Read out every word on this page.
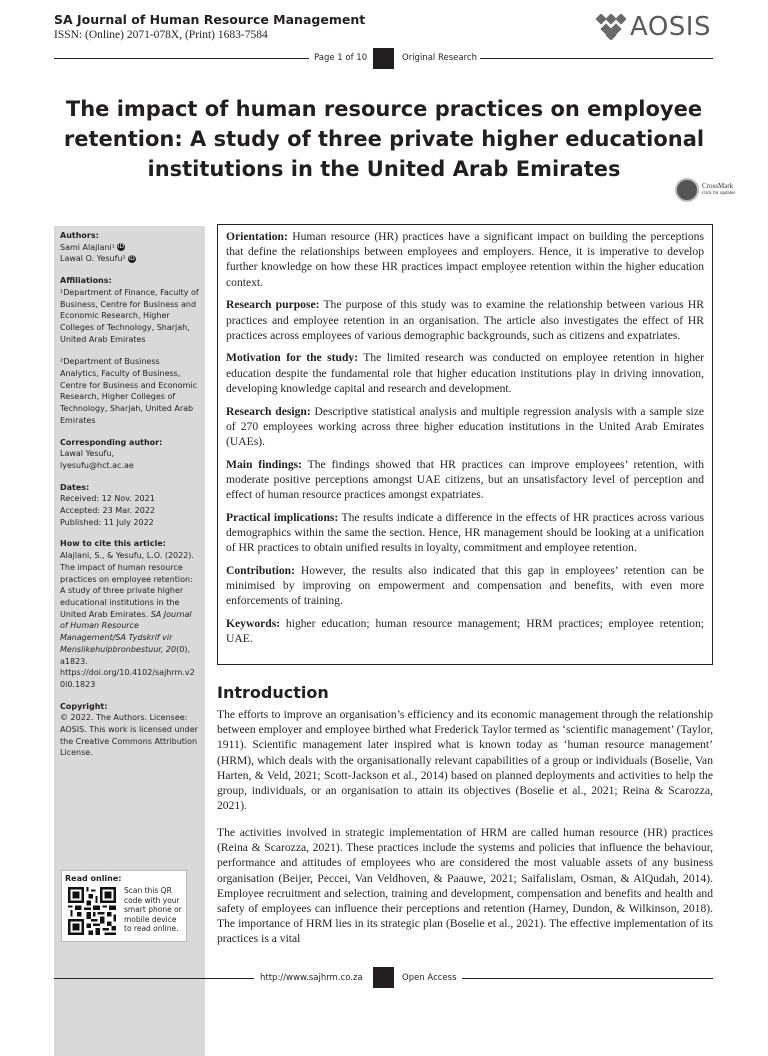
SA Journal of Human Resource Management
ISSN: (Online) 2071-078X, (Print) 1683-7584	AOSIS
Page 1 of 10	Original Research
The impact of human resource practices on employee retention: A study of three private higher educational institutions in the United Arab Emirates
CrossMark
click for updates
Authors:
Sami Alajlani¹ iD
Lawal O. Yesufu² iD
Affiliations:
¹Department of Finance, Faculty of Business, Centre for Business and Economic Research, Higher Colleges of Technology, Sharjah, United Arab Emirates
²Department of Business Analytics, Faculty of Business, Centre for Business and Economic Research, Higher Colleges of Technology, Sharjah, United Arab Emirates
Corresponding author:
Lawal Yesufu,
lyesufu@hct.ac.ae
Dates:
Received: 12 Nov. 2021
Accepted: 23 Mar. 2022
Published: 11 July 2022
How to cite this article:
Alajlani, S., & Yesufu, L.O. (2022). The impact of human resource practices on employee retention: A study of three private higher educational institutions in the United Arab Emirates. SA Journal of Human Resource Management/SA Tydskrif vir Menslikehulpbronbestuur, 20(0), a1823. https://doi.org/10.4102/sajhrm.v20i0.1823
Copyright:
© 2022. The Authors. Licensee: AOSIS. This work is licensed under the Creative Commons Attribution License.
Read online:
Scan this QR code with your smart phone or mobile device to read online.

Orientation: Human resource (HR) practices have a significant impact on building the perceptions that define the relationships between employees and employers. Hence, it is imperative to develop further knowledge on how these HR practices impact employee retention within the higher education context.

Research purpose: The purpose of this study was to examine the relationship between various HR practices and employee retention in an organisation. The article also investigates the effect of HR practices across employees of various demographic backgrounds, such as citizens and expatriates.

Motivation for the study: The limited research was conducted on employee retention in higher education despite the fundamental role that higher education institutions play in driving innovation, developing knowledge capital and research and development.

Research design: Descriptive statistical analysis and multiple regression analysis with a sample size of 270 employees working across three higher education institutions in the United Arab Emirates (UAEs).

Main findings: The findings showed that HR practices can improve employees’ retention, with moderate positive perceptions amongst UAE citizens, but an unsatisfactory level of perception and effect of human resource practices amongst expatriates.

Practical implications: The results indicate a difference in the effects of HR practices across various demographics within the same the section. Hence, HR management should be looking at a unification of HR practices to obtain unified results in loyalty, commitment and employee retention.

Contribution: However, the results also indicated that this gap in employees’ retention can be minimised by improving on empowerment and compensation and benefits, with even more enforcements of training.

Keywords: higher education; human resource management; HRM practices; employee retention; UAE.

Introduction

The efforts to improve an organisation’s efficiency and its economic management through the relationship between employer and employee birthed what Frederick Taylor termed as ‘scientific management’ (Taylor, 1911). Scientific management later inspired what is known today as ‘human resource management’ (HRM), which deals with the organisationally relevant capabilities of a group or individuals (Boselie, Van Harten, & Veld, 2021; Scott-Jackson et al., 2014) based on planned deployments and activities to help the group, individuals, or an organisation to attain its objectives (Boselie et al., 2021; Reina & Scarozza, 2021).

The activities involved in strategic implementation of HRM are called human resource (HR) practices (Reina & Scarozza, 2021). These practices include the systems and policies that influence the behaviour, performance and attitudes of employees who are considered the most valuable assets of any business organisation (Beijer, Peccei, Van Veldhoven, & Paauwe, 2021; Saifalislam, Osman, & AlQudah, 2014). Employee recruitment and selection, training and development, compensation and benefits and health and safety of employees can influence their perceptions and retention (Harney, Dundon, & Wilkinson, 2018). The importance of HRM lies in its strategic plan (Boselie et al., 2021). The effective implementation of its practices is a vital

http://www.sajhrm.co.za	Open Access
